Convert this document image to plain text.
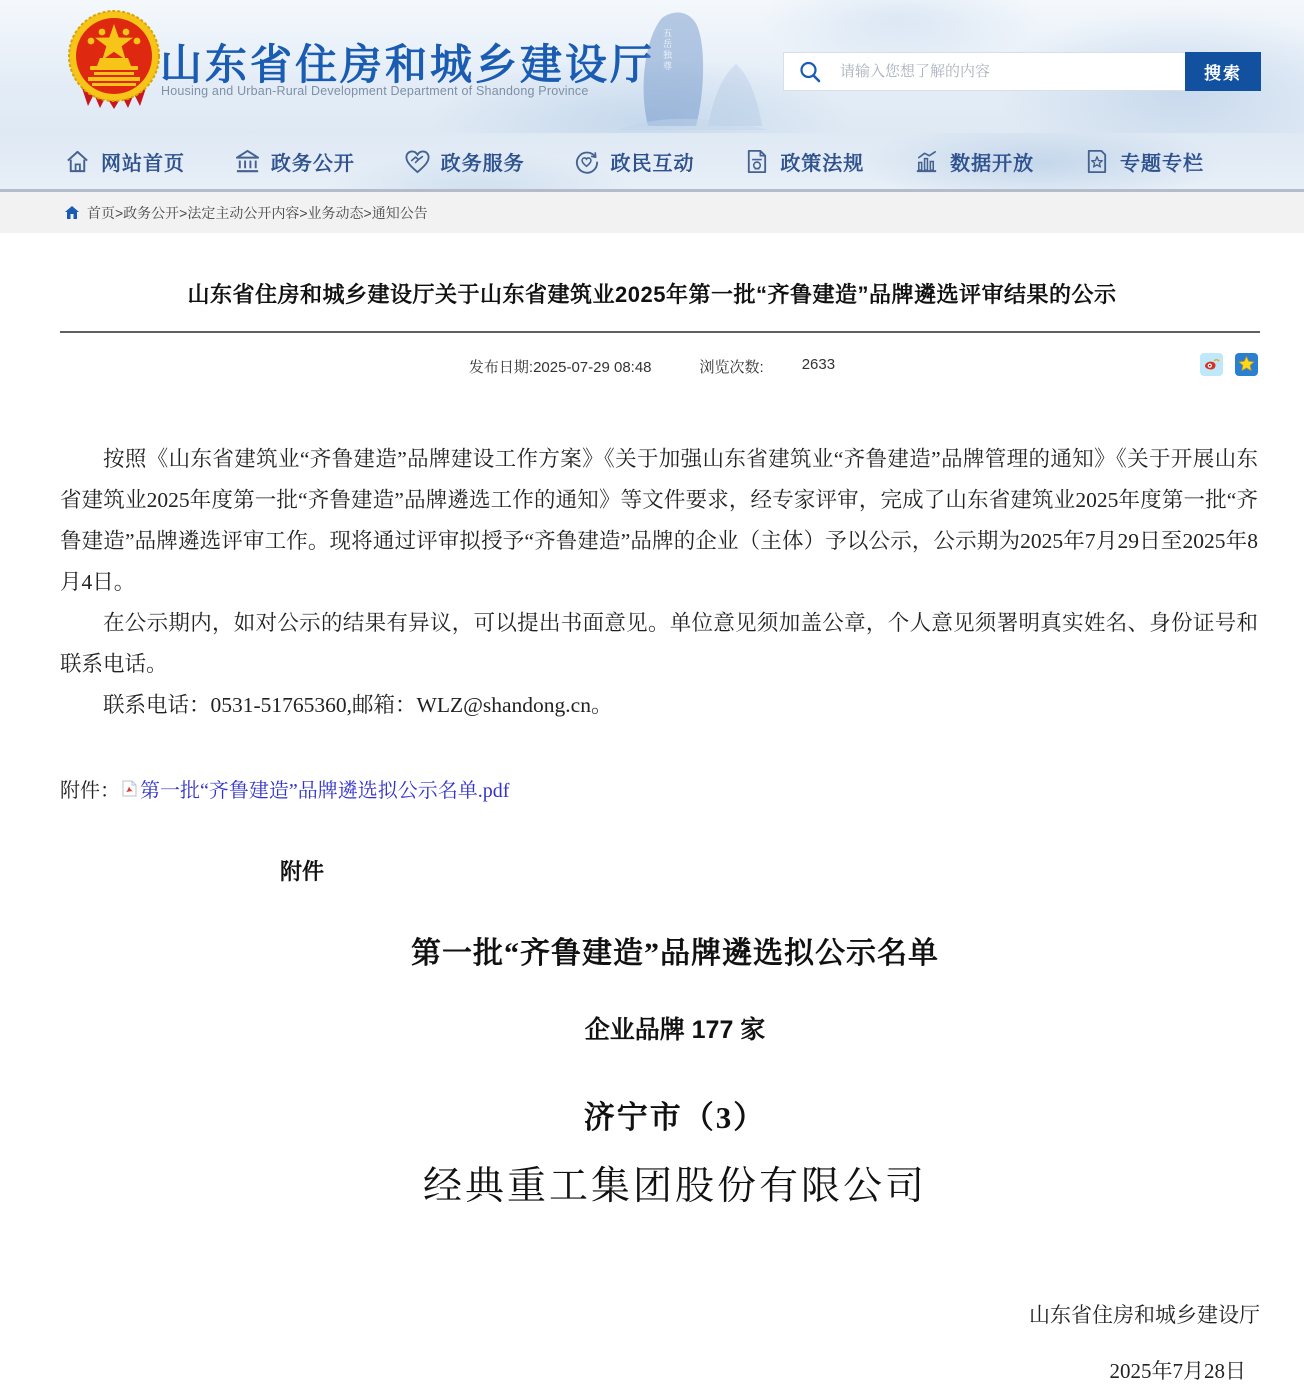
山东省住房和城乡建设厅
Housing and Urban-Rural Development Department of Shandong Province
五岳独尊
请输入您想了解的内容
搜索
网站首页	政务公开	政务服务	政民互动	政策法规	数据开放	专题专栏
首页>政务公开>法定主动公开内容>业务动态>通知公告
山东省住房和城乡建设厅关于山东省建筑业2025年第一批“齐鲁建造”品牌遴选评审结果的公示
发布日期:2025-07-29 08:48	浏览次数:	2633

按照《山东省建筑业“齐鲁建造”品牌建设工作方案》《关于加强山东省建筑业“齐鲁建造”品牌管理的通知》《关于开展山东省建筑业2025年度第一批“齐鲁建造”品牌遴选工作的通知》等文件要求，经专家评审，完成了山东省建筑业2025年度第一批“齐鲁建造”品牌遴选评审工作。现将通过评审拟授予“齐鲁建造”品牌的企业（主体）予以公示，公示期为2025年7月29日至2025年8月4日。

在公示期内，如对公示的结果有异议，可以提出书面意见。单位意见须加盖公章，个人意见须署明真实姓名、身份证号和联系电话。

联系电话：0531-51765360,邮箱：WLZ@shandong.cn。

附件： 第一批“齐鲁建造”品牌遴选拟公示名单.pdf
附件
第一批“齐鲁建造”品牌遴选拟公示名单
企业品牌 177 家
济宁市（3）
经典重工集团股份有限公司
山东省住房和城乡建设厅
2025年7月28日
